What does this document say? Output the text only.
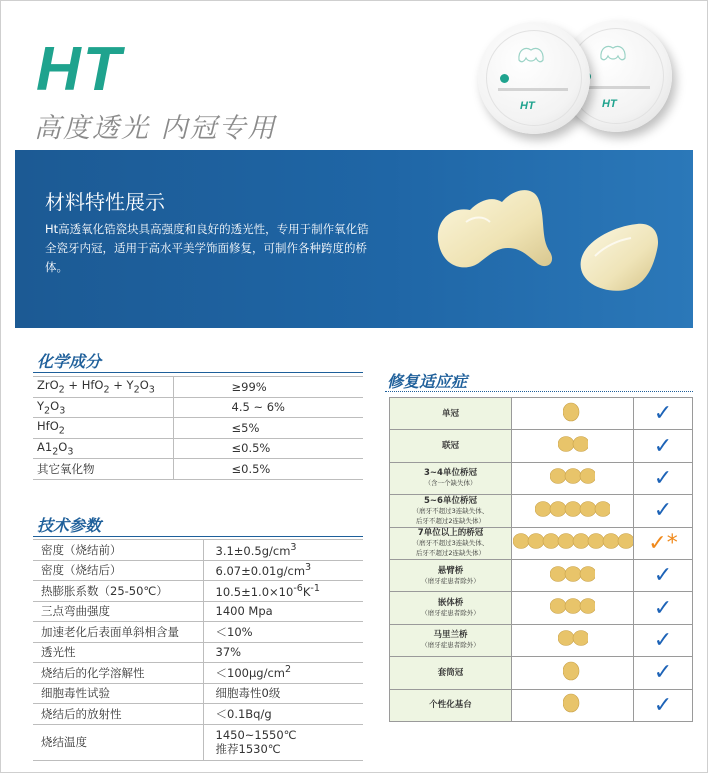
HT
高度透光 内冠专用
HT
HT
材料特性展示
Ht高透氧化锆瓷块具高强度和良好的透光性，专用于制作氧化锆全瓷牙内冠，适用于高水平美学饰面修复，可制作各种跨度的桥体。
化学成分
$ZrO_2 + HfO_2 + Y_2O_3$	≥99%
$Y_2O_3$	4.5 ~ 6%
HfO$_2$	≤5%
$A1_2O_3$	≤0.5%
其它氧化物	≤0.5%
技术参数
密度（烧结前）	$3.1\pm 0.5g/cm^3$
密度（烧结后）	$6.07\pm 0.01g/cm^3$
热膨胀系数（25-50℃）	$10.5\pm 1.0\times 10^{-6}K^{-1}$
三点弯曲强度	1400 Mpa
加速老化后表面单斜相含量	＜10%
透光性	37%
烧结后的化学溶解性	$<100\mu g/cm^2$
细胞毒性试验	细胞毒性0级
烧结后的放射性	＜0.1Bq/g
烧结温度	1450~1550℃
推荐1530℃
修复适应症
单冠		✓

联冠		✓

3~4单位桥冠
（含一个缺失体）		✓

5~6单位桥冠
（磨牙不超过3连缺失体、
后牙不超过2连缺失体）		✓

7单位以上的桥冠
（磨牙不超过3连缺失体、
后牙不超过2连缺失体）		✓*

悬臂桥
（磨牙症患者除外）		✓

嵌体桥
（磨牙症患者除外）		✓

马里兰桥
（磨牙症患者除外）		✓

套筒冠		✓

个性化基台		✓
